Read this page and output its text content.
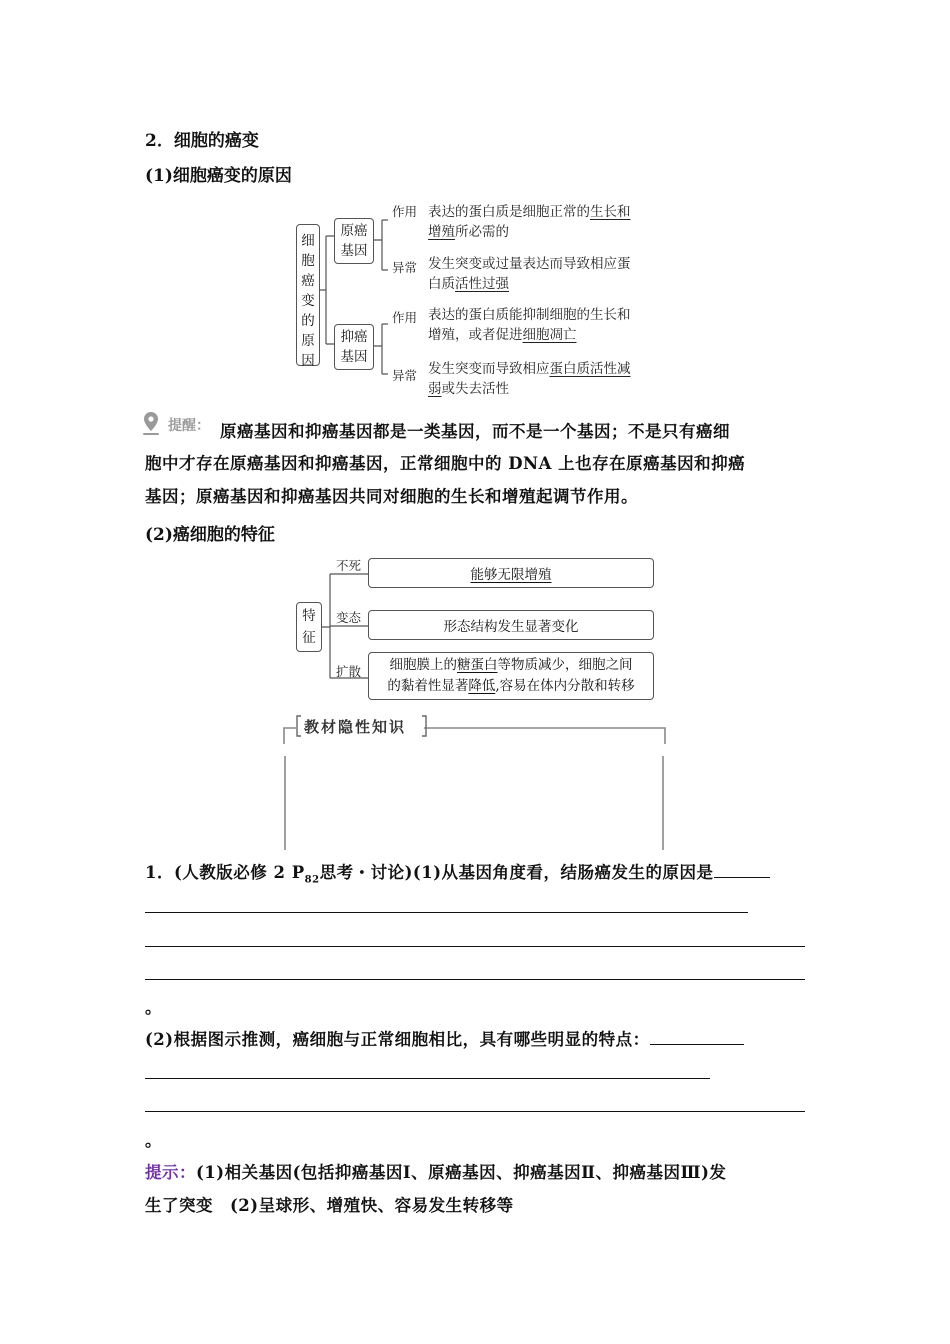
2．细胞的癌变
(1)细胞癌变的原因
细胞癌变的原因
原癌
基因
抑癌
基因
作用 表达的蛋白质是细胞正常的生长和
增殖所必需的
异常 发生突变或过量表达而导致相应蛋
白质活性过强
作用 表达的蛋白质能抑制细胞的生长和
增殖，或者促进细胞凋亡
异常 发生突变而导致相应蛋白质活性减
弱或失去活性
提醒： 原癌基因和抑癌基因都是一类基因，而不是一个基因；不是只有癌细
胞中才存在原癌基因和抑癌基因，正常细胞中的 DNA 上也存在原癌基因和抑癌
基因；原癌基因和抑癌基因共同对细胞的生长和增殖起调节作用。
(2)癌细胞的特征
特征
不死
能够无限增殖
变态
形态结构发生显著变化
扩散 细胞膜上的糖蛋白等物质减少，细胞之间
的黏着性显著降低,容易在体内分散和转移
教材隐性知识
1．(人教版必修 2 $P_{82}$思考・讨论)(1)从基因角度看，结肠癌发生的原因是
。
(2)根据图示推测，癌细胞与正常细胞相比，具有哪些明显的特点：
。
提示：(1)相关基因(包括抑癌基因Ⅰ、原癌基因、抑癌基因Ⅱ、抑癌基因Ⅲ)发
生了突变　(2)呈球形、增殖快、容易发生转移等
